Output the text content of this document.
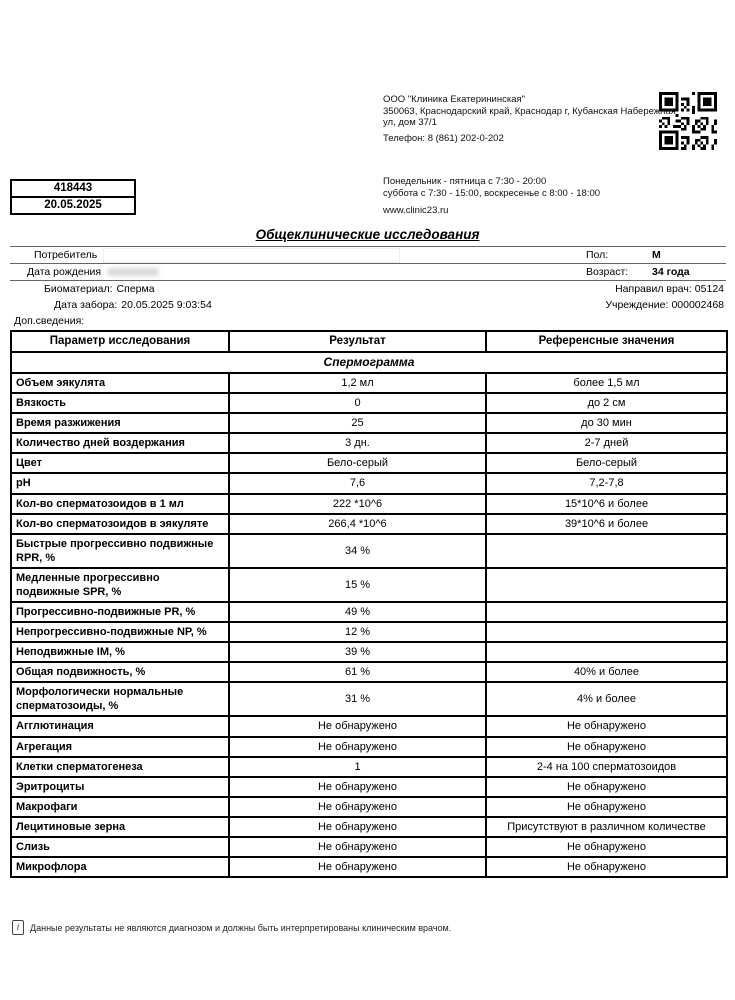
ООО "Клиника Екатерининская"
350063, Краснодарский край, Краснодар г, Кубанская Набережная
ул, дом 37/1
Телефон: 8 (861) 202-0-202
418443
20.05.2025
Понедельник - пятница с 7:30 - 20:00
суббота с 7:30 - 15:00, воскресенье с 8:00 - 18:00
www.clinic23.ru
Общеклинические исследования
Потребитель	Пол:	М
Дата рождения	Возраст:	34 года
Биоматериал: Сперма	Направил врач: 05124
Дата забора: 20.05.2025 9:03:54	Учреждение: 000002468
Доп.сведения:
Параметр исследования	Результат	Референсные значения
Спермограмма		
Объем эякулята	1,2 мл	более 1,5 мл
Вязкость	0	до 2 см
Время разжижения	25	до 30 мин
Количество дней воздержания	3 дн.	2-7 дней
Цвет	Бело-серый	Бело-серый
pH	7,6	7,2-7,8
Кол-во сперматозоидов в 1 мл	222 *10^6	15*10^6 и более
Кол-во сперматозоидов в эякуляте	266,4 *10^6	39*10^6 и более
Быстрые прогрессивно подвижные RPR, %	34 %	
Медленные прогрессивно подвижные SPR, %	15 %	
Прогрессивно-подвижные PR, %	49 %	
Непрогрессивно-подвижные NP, %	12 %	
Неподвижные IM, %	39 %	
Общая подвижность, %	61 %	40% и более
Морфологически нормальные сперматозоиды, %	31 %	4% и более
Агглютинация	Не обнаружено	Не обнаружено
Агрегация	Не обнаружено	Не обнаружено
Клетки сперматогенеза	1	2-4 на 100 сперматозоидов
Эритроциты	Не обнаружено	Не обнаружено
Макрофаги	Не обнаружено	Не обнаружено
Лецитиновые зерна	Не обнаружено	Присутствуют в различном количестве
Слизь	Не обнаружено	Не обнаружено
Микрофлора	Не обнаружено	Не обнаружено
i	Данные результаты не являются диагнозом и должны быть интерпретированы клиническим врачом.
